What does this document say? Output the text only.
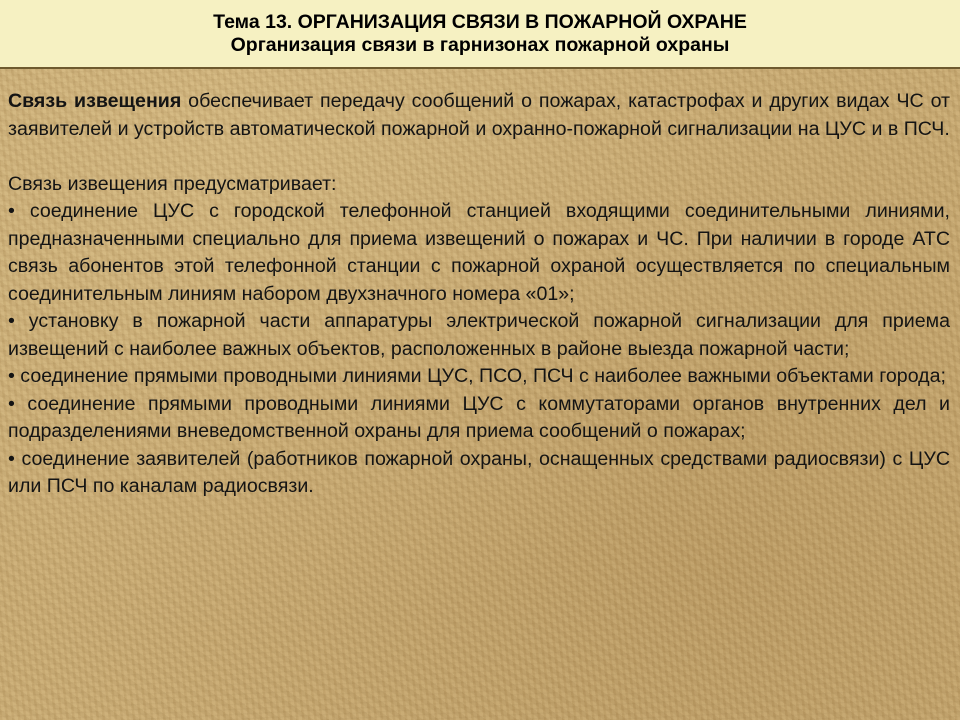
Тема 13. ОРГАНИЗАЦИЯ СВЯЗИ В ПОЖАРНОЙ ОХРАНЕ
Организация связи в гарнизонах пожарной охраны

Связь извещения обеспечивает передачу сообщений о пожарах, катастрофах и других видах ЧС от заявителей и устройств автоматической пожарной и охранно-пожарной сигнализации на ЦУС и в ПСЧ.

Связь извещения предусматривает:
• соединение ЦУС с городской телефонной станцией входящими соединительными линиями, предназначенными специально для приема извещений о пожарах и ЧС. При наличии в городе АТС связь абонентов этой телефонной станции с пожарной охраной осуществляется по специальным соединительным линиям набором двухзначного номера «01»;
• установку в пожарной части аппаратуры электрической пожарной сигнализации для приема извещений с наиболее важных объектов, расположенных в районе выезда пожарной части;
• соединение прямыми проводными линиями ЦУС, ПСО, ПСЧ с наиболее важными объектами города;
• соединение прямыми проводными линиями ЦУС с коммутаторами органов внутренних дел и подразделениями вневедомственной охраны для приема сообщений о пожарах;
• соединение заявителей (работников пожарной охраны, оснащенных средствами радиосвязи) с ЦУС или ПСЧ по каналам радиосвязи.
